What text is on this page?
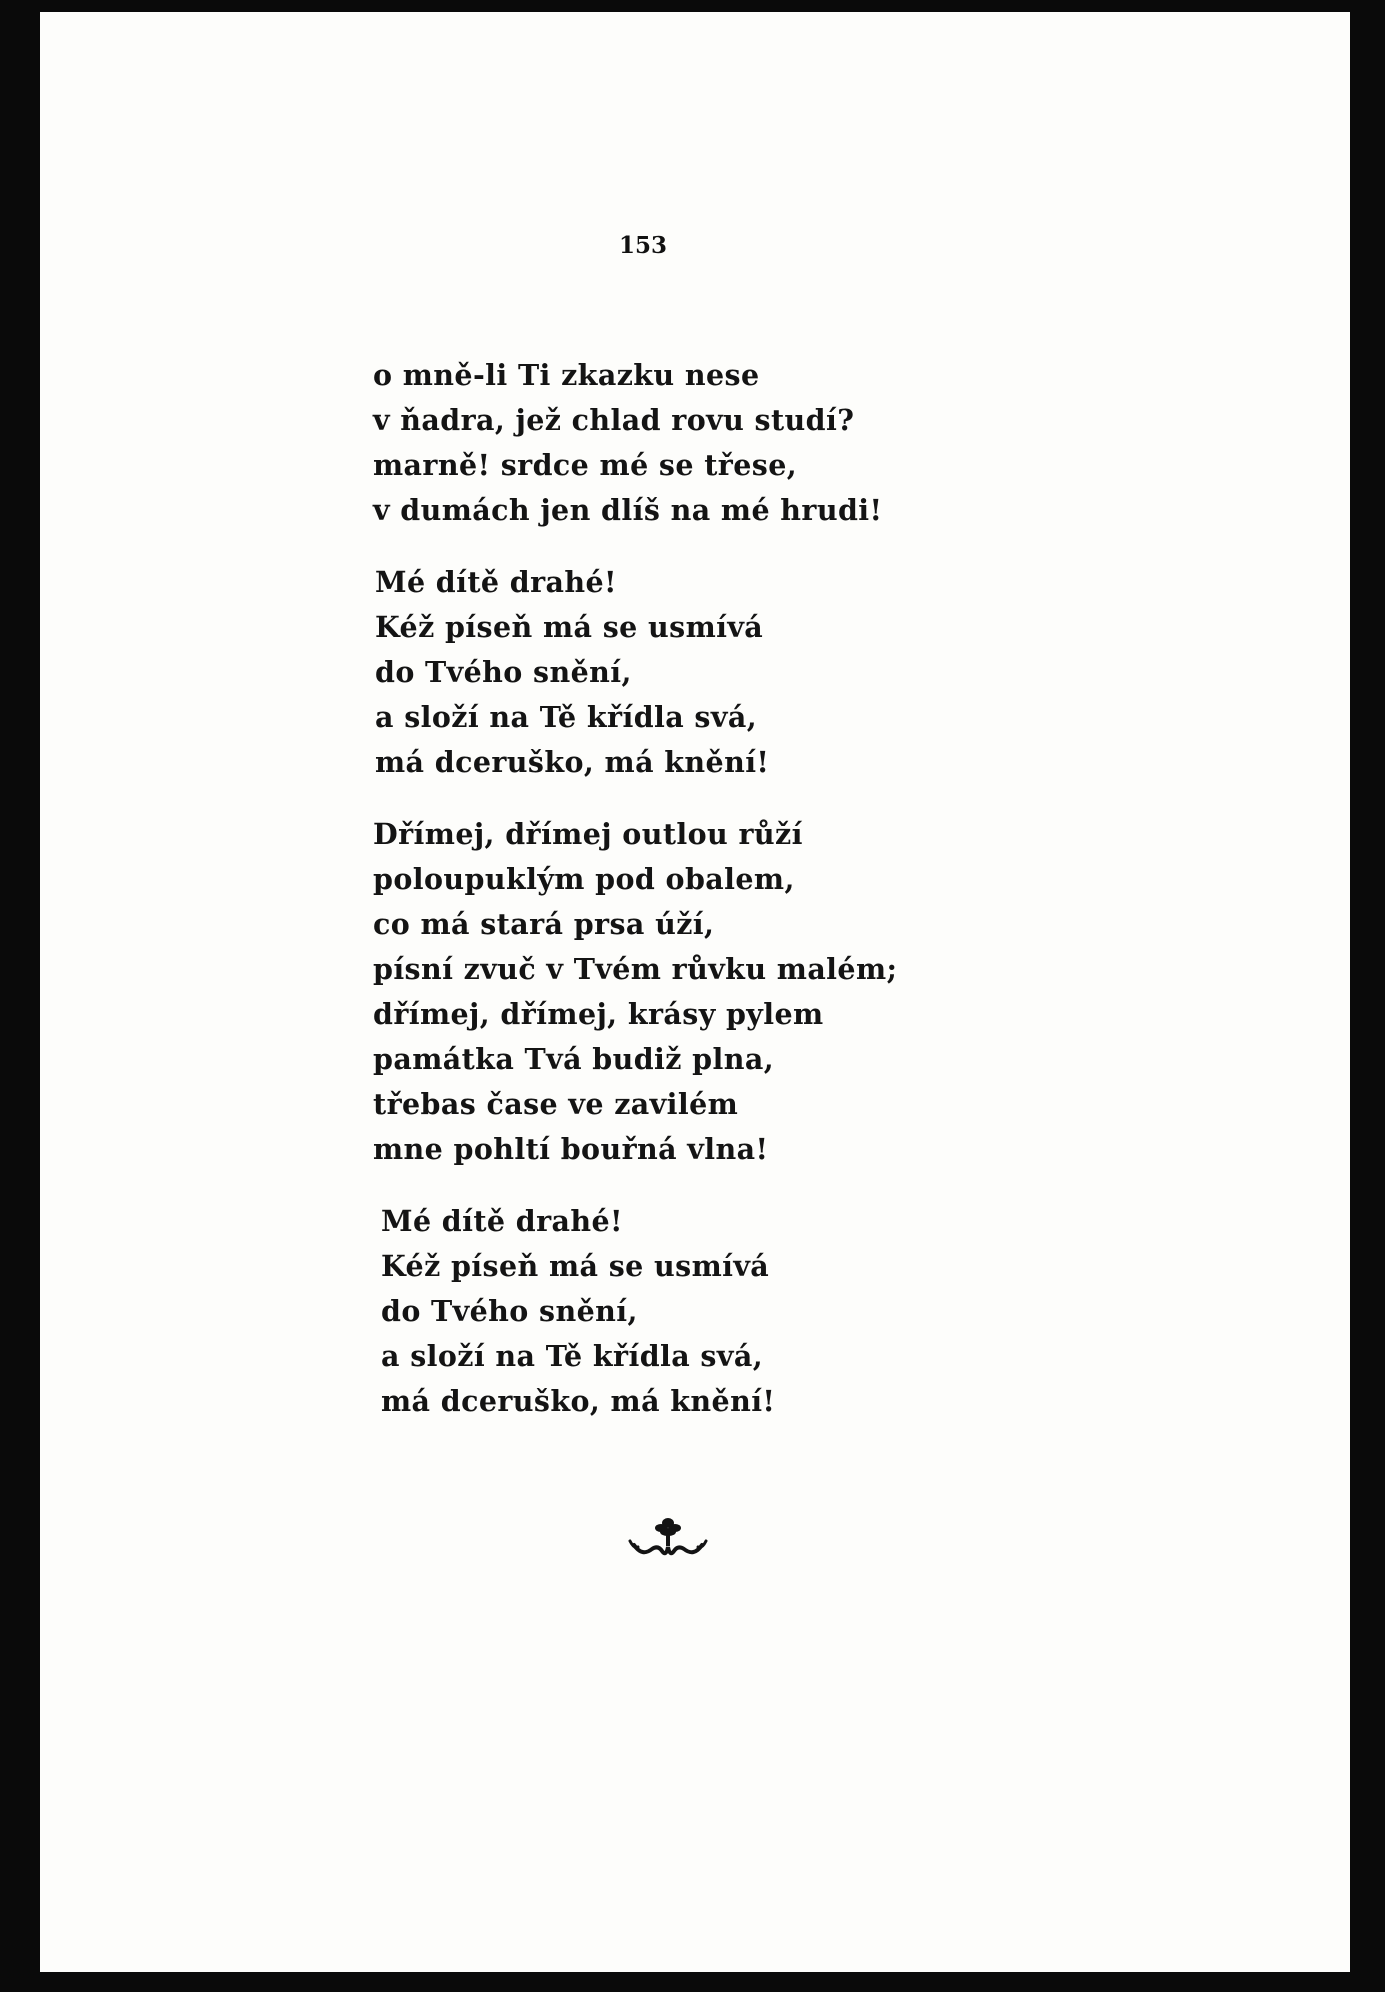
153
o mně-li Ti zkazku nese
v ňadra, jež chlad rovu studí?
marně! srdce mé se třese,
v dumách jen dlíš na mé hrudi!
Mé dítě drahé!
Kéž píseň má se usmívá
do Tvého snění,
a složí na Tě křídla svá,
má dceruško, má knění!
Dřímej, dřímej outlou růží
poloupuklým pod obalem,
co má stará prsa úží,
písní zvuč v Tvém růvku malém;
dřímej, dřímej, krásy pylem
památka Tvá budiž plna,
třebas čase ve zavilém
mne pohltí bouřná vlna!
Mé dítě drahé!
Kéž píseň má se usmívá
do Tvého snění,
a složí na Tě křídla svá,
má dceruško, má knění!
